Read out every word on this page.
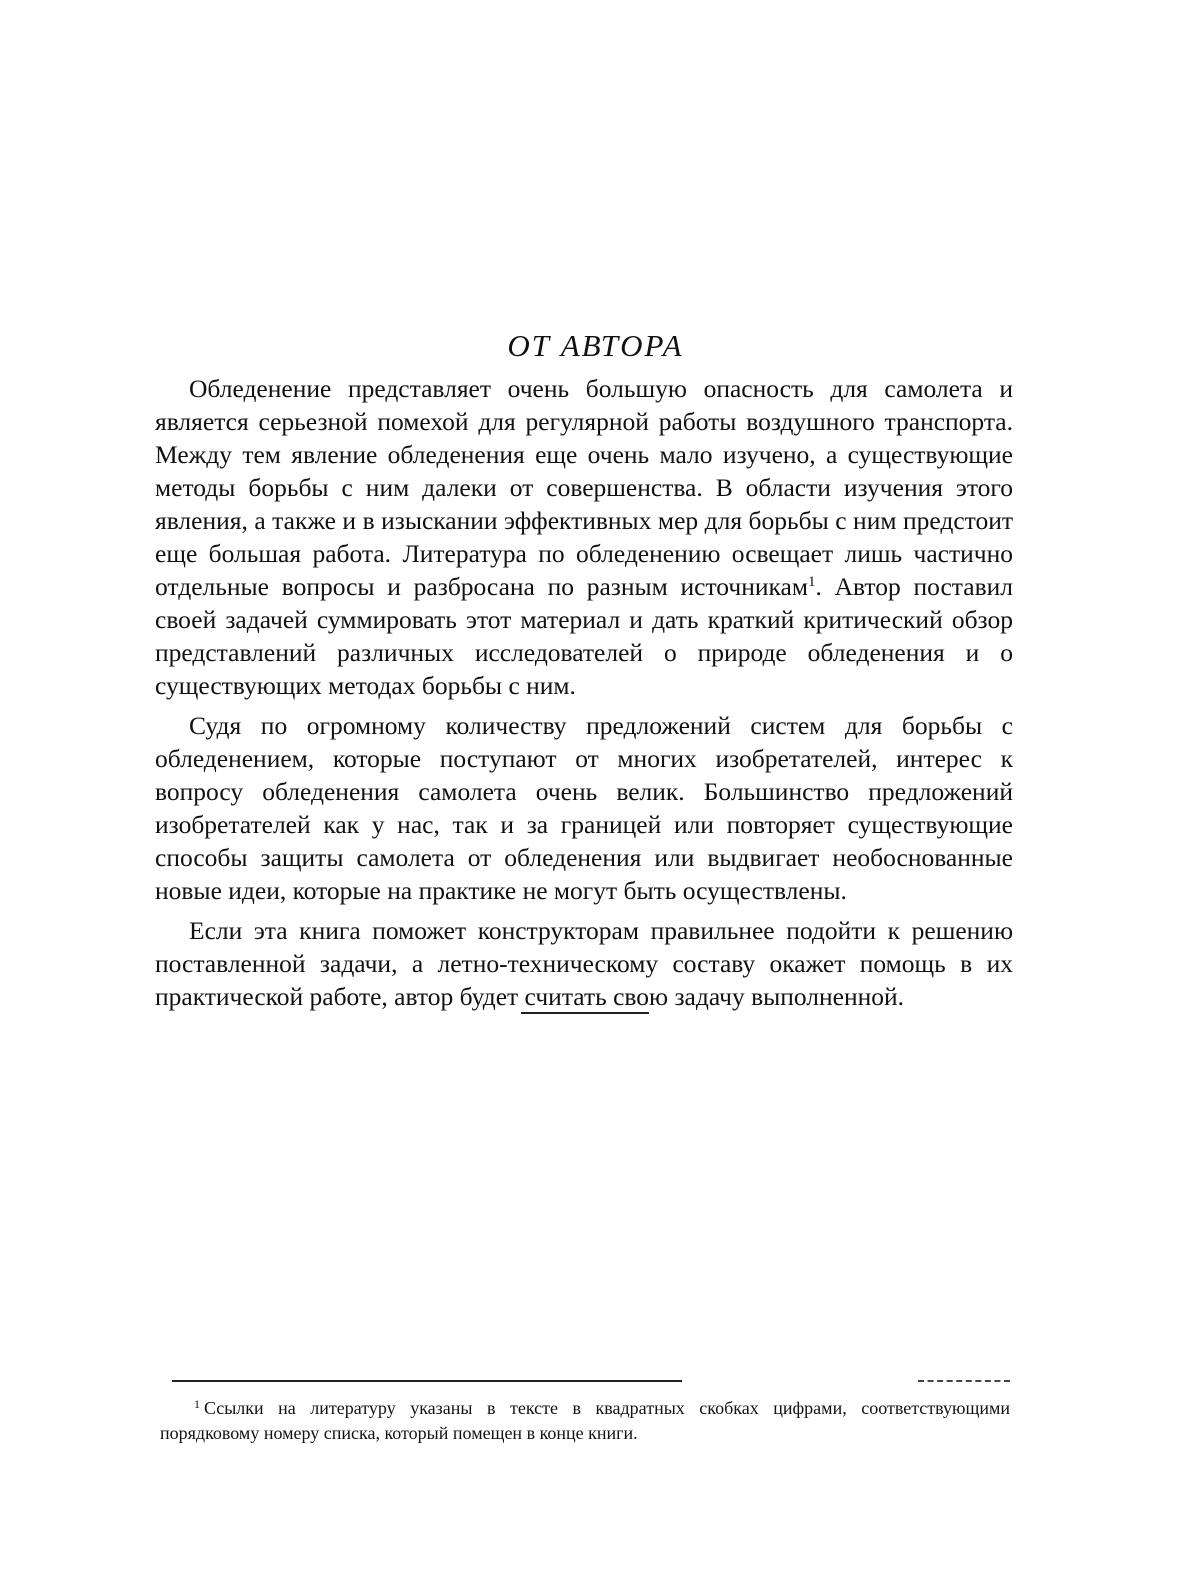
ОТ АВТОРА

Обледенение представляет очень большую опасность для самолета и является серьезной помехой для регулярной работы воздушного транспорта. Между тем явление обледенения еще очень мало изучено, а существующие методы борьбы с ним далеки от совершенства. В области изучения этого явления, а также и в изыскании эффективных мер для борьбы с ним предстоит еще большая работа. Литература по обледенению освещает лишь частично отдельные вопросы и разбросана по разным источникам$^1$. Автор поставил своей задачей суммировать этот материал и дать краткий критический обзор представлений различных исследователей о природе обледенения и о существующих методах борьбы с ним.

Судя по огромному количеству предложений систем для борьбы с обледенением, которые поступают от многих изобретателей, интерес к вопросу обледенения самолета очень велик. Большинство предложений изобретателей как у нас, так и за границей или повторяет существующие способы защиты самолета от обледенения или выдвигает необоснованные новые идеи, которые на практике не могут быть осуществлены.

Если эта книга поможет конструкторам правильнее подойти к решению поставленной задачи, а летно-техническому составу окажет помощь в их практической работе, автор будет считать свою задачу выполненной.

$^1$ Ссылки на литературу указаны в тексте в квадратных скобках цифрами, соответствующими порядковому номеру списка, который помещен в конце книги.
